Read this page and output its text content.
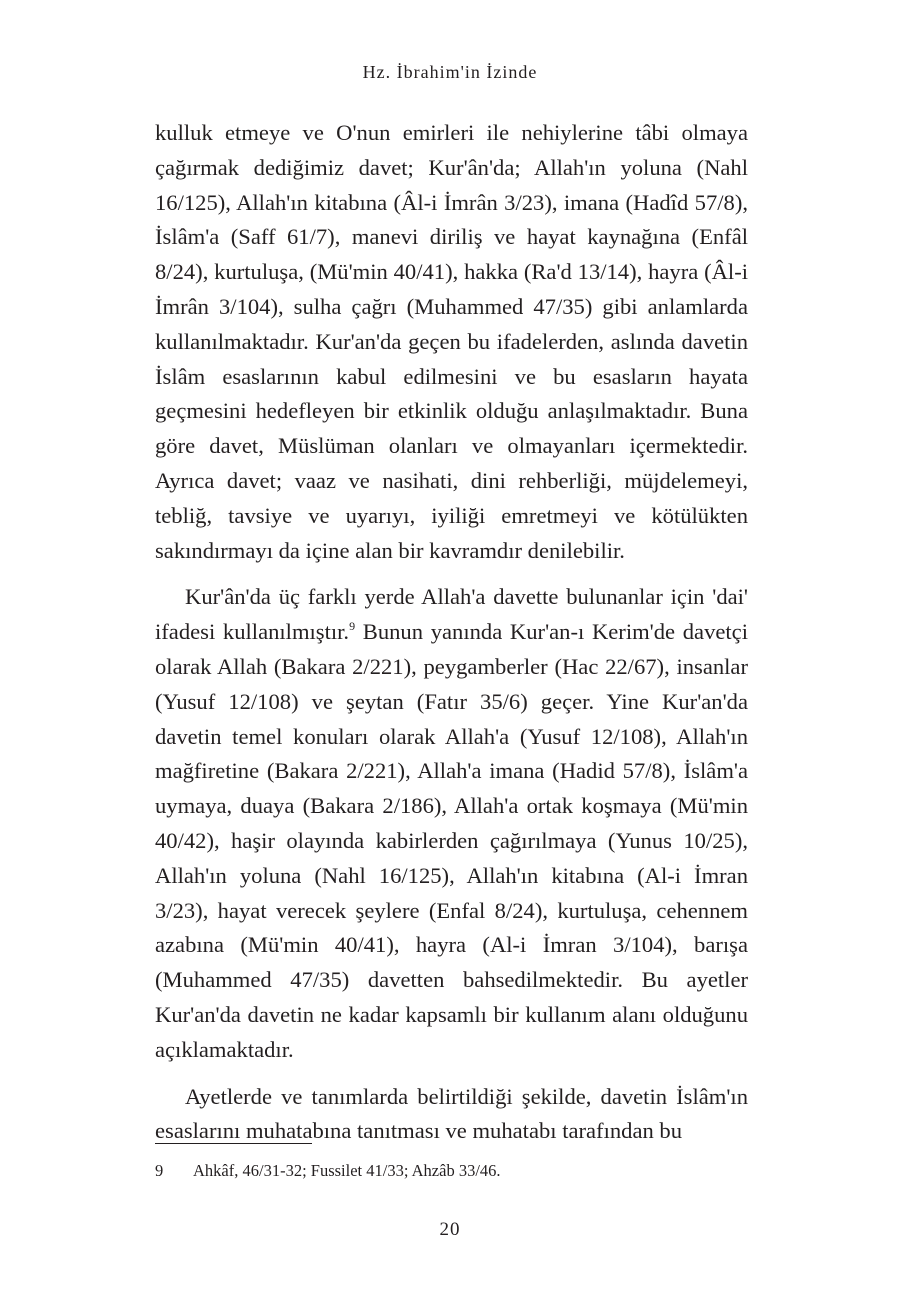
Hz. İbrahim'in İzinde

kulluk etmeye ve O'nun emirleri ile nehiylerine tâbi olmaya çağırmak dediğimiz davet; Kur'ân'da; Allah'ın yoluna (Nahl 16/125), Allah'ın kitabına (Âl-i İmrân 3/23), imana (Hadîd 57/8), İslâm'a (Saff 61/7), manevi diriliş ve hayat kaynağına (Enfâl 8/24), kurtuluşa, (Mü'min 40/41), hakka (Ra'd 13/14), hayra (Âl-i İmrân 3/104), sulha çağrı (Muhammed 47/35) gibi anlamlarda kullanılmaktadır. Kur'an'da geçen bu ifadelerden, aslında davetin İslâm esaslarının kabul edilmesini ve bu esasların hayata geçmesini hedefleyen bir etkinlik olduğu anlaşılmaktadır. Buna göre davet, Müslüman olanları ve olmayanları içermektedir. Ayrıca davet; vaaz ve nasihati, dini rehberliği, müjdelemeyi, tebliğ, tavsiye ve uyarıyı, iyiliği emretmeyi ve kötülükten sakındırmayı da içine alan bir kavramdır denilebilir.

Kur'ân'da üç farklı yerde Allah'a davette bulunanlar için 'dai' ifadesi kullanılmıştır.$^9$ Bunun yanında Kur'an-ı Kerim'de davetçi olarak Allah (Bakara 2/221), peygamberler (Hac 22/67), insanlar (Yusuf 12/108) ve şeytan (Fatır 35/6) geçer. Yine Kur'an'da davetin temel konuları olarak Allah'a (Yusuf 12/108), Allah'ın mağfiretine (Bakara 2/221), Allah'a imana (Hadid 57/8), İslâm'a uymaya, duaya (Bakara 2/186), Allah'a ortak koşmaya (Mü'min 40/42), haşir olayında kabirlerden çağırılmaya (Yunus 10/25), Allah'ın yoluna (Nahl 16/125), Allah'ın kitabına (Al-i İmran 3/23), hayat verecek şeylere (Enfal 8/24), kurtuluşa, cehennem azabına (Mü'min 40/41), hayra (Al-i İmran 3/104), barışa (Muhammed 47/35) davetten bahsedilmektedir. Bu ayetler Kur'an'da davetin ne kadar kapsamlı bir kullanım alanı olduğunu açıklamaktadır.

Ayetlerde ve tanımlarda belirtildiği şekilde, davetin İslâm'ın esaslarını muhatabına tanıtması ve muhatabı tarafından bu

9 Ahkâf, 46/31-32; Fussilet 41/33; Ahzâb 33/46.
20
